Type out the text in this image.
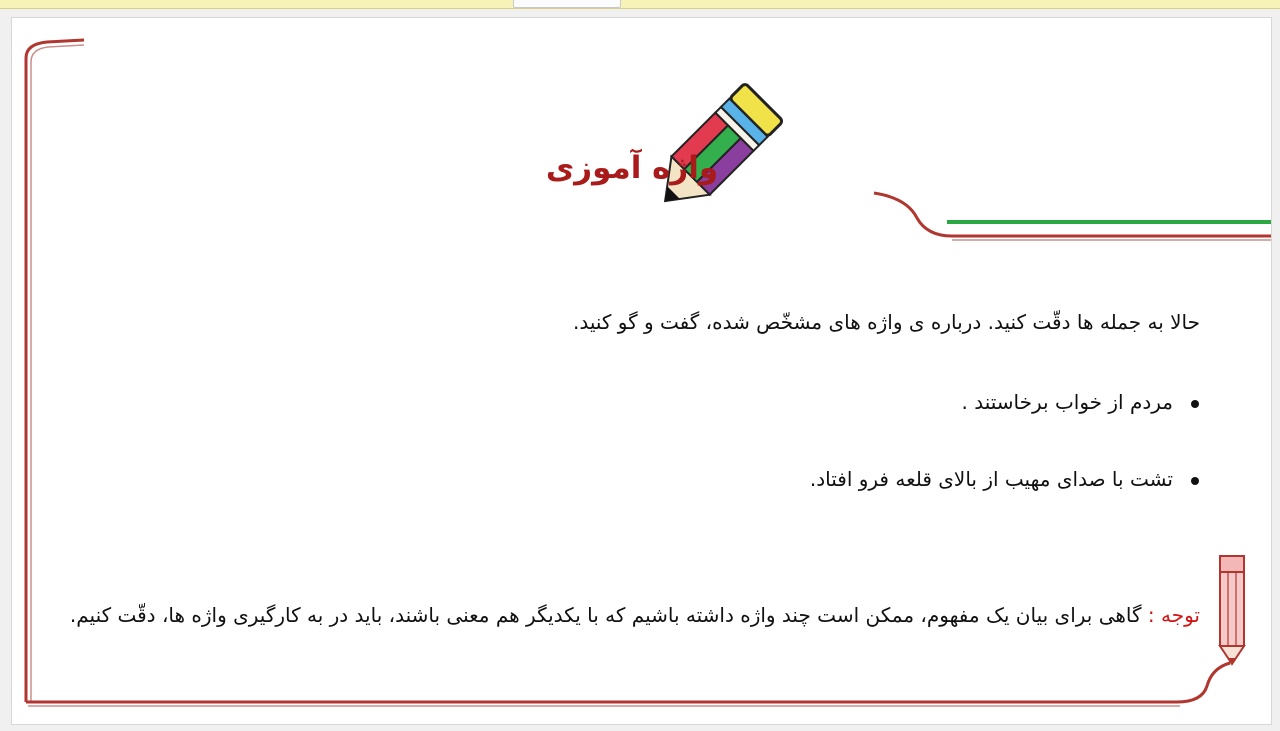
واژه آموزی
حالا به جمله ها دقّت کنید. درباره ی واژه های مشخّص شده، گفت و گو کنید.
مردم از خواب برخاستند .
تشت با صدای مهیب از بالای قلعه فرو افتاد.
توجه : گاهی برای بیان یک مفهوم، ممکن است چند واژه داشته باشیم که با یکدیگر هم معنی باشند، باید در به کارگیری واژه ها، دقّت کنیم.
